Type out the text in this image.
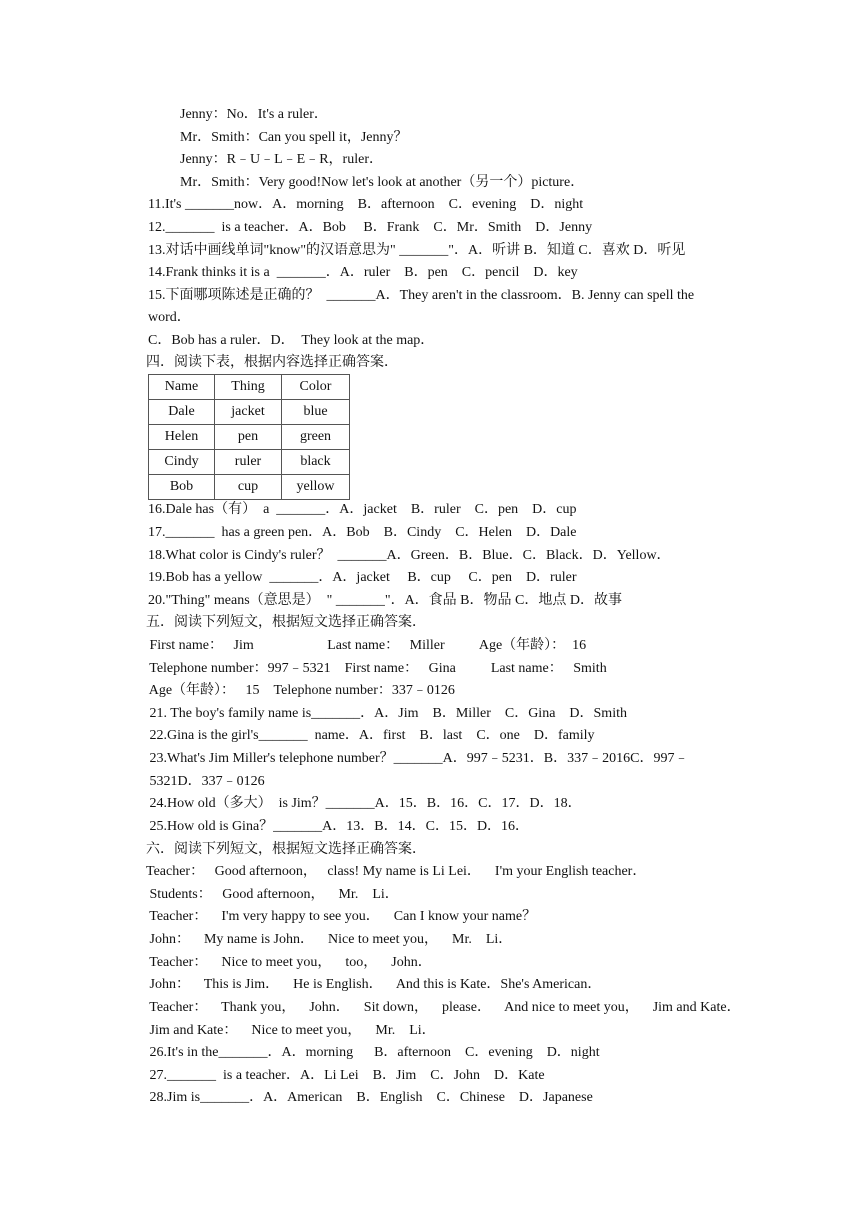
Jenny：No．It's a ruler．
Mr．Smith：Can you spell it，Jenny？
Jenny：R﹣U﹣L﹣E﹣R，ruler．
Mr．Smith：Very good!Now let's look at another（另一个）picture．
11.It's _______now．A．morning    B．afternoon    C．evening    D．night
12._______  is a teacher．A．Bob     B．Frank    C．Mr．Smith    D．Jenny
13.对话中画线单词"know"的汉语意思为" _______"．A．听讲 B．知道 C．喜欢 D．听见
14.Frank thinks it is a  _______．A．ruler    B．pen    C．pencil    D．key
15.下面哪项陈述是正确的？  _______A．They aren't in the classroom．B. Jenny can spell the
word．
C．Bob has a ruler．D．  They look at the map．
四．阅读下表，根据内容选择正确答案．
Name	Thing	Color
Dale	jacket	blue
Helen	pen	green
Cindy	ruler	black
Bob	cup	yellow
16.Dale has（有）  a  _______．A．jacket    B．ruler    C．pen    D．cup
17._______  has a green pen．A．Bob    B．Cindy    C．Helen    D．Dale
18.What color is Cindy's ruler？  _______A．Green．B．Blue．C．Black．D．Yellow．
19.Bob has a yellow  _______．A．jacket     B．cup     C．pen    D．ruler
20."Thing" means（意思是）  " _______"．A．食品 B．物品 C．地点 D．故事
五．阅读下列短文，根据短文选择正确答案．
First name：   Jim                     Last name：   Miller          Age（年龄）：  16
Telephone number：997﹣5321    First name：   Gina          Last name：   Smith
Age（年龄）：   15    Telephone number：337﹣0126
21. The boy's family name is_______．A．Jim    B．Miller    C．Gina    D．Smith
22.Gina is the girl's_______  name．A．first    B．last    C．one    D．family
23.What's Jim Miller's telephone number？_______A．997﹣5231．B．337﹣2016C．997﹣
5321D．337﹣0126
24.How old（多大）  is Jim？_______A．15．B．16．C．17．D．18．
25.How old is Gina？_______A．13．B．14．C．15．D．16．
六．阅读下列短文，根据短文选择正确答案．
Teacher：   Good afternoon，   class! My name is Li Lei．    I'm your English teacher．
Students：   Good afternoon，    Mr.    Li．
Teacher：    I'm very happy to see you．    Can I know your name？
John：    My name is John．    Nice to meet you，    Mr.    Li．
Teacher：    Nice to meet you，    too，    John．
John：    This is Jim．    He is English．    And this is Kate．She's American．
Teacher：    Thank you，    John．    Sit down，    please．    And nice to meet you，    Jim and Kate．
Jim and Kate：    Nice to meet you，    Mr.    Li．
26.It's in the_______．A．morning      B．afternoon    C．evening    D．night
27._______  is a teacher．A．Li Lei    B．Jim    C．John    D．Kate
28.Jim is_______．A．American    B．English    C．Chinese    D．Japanese
